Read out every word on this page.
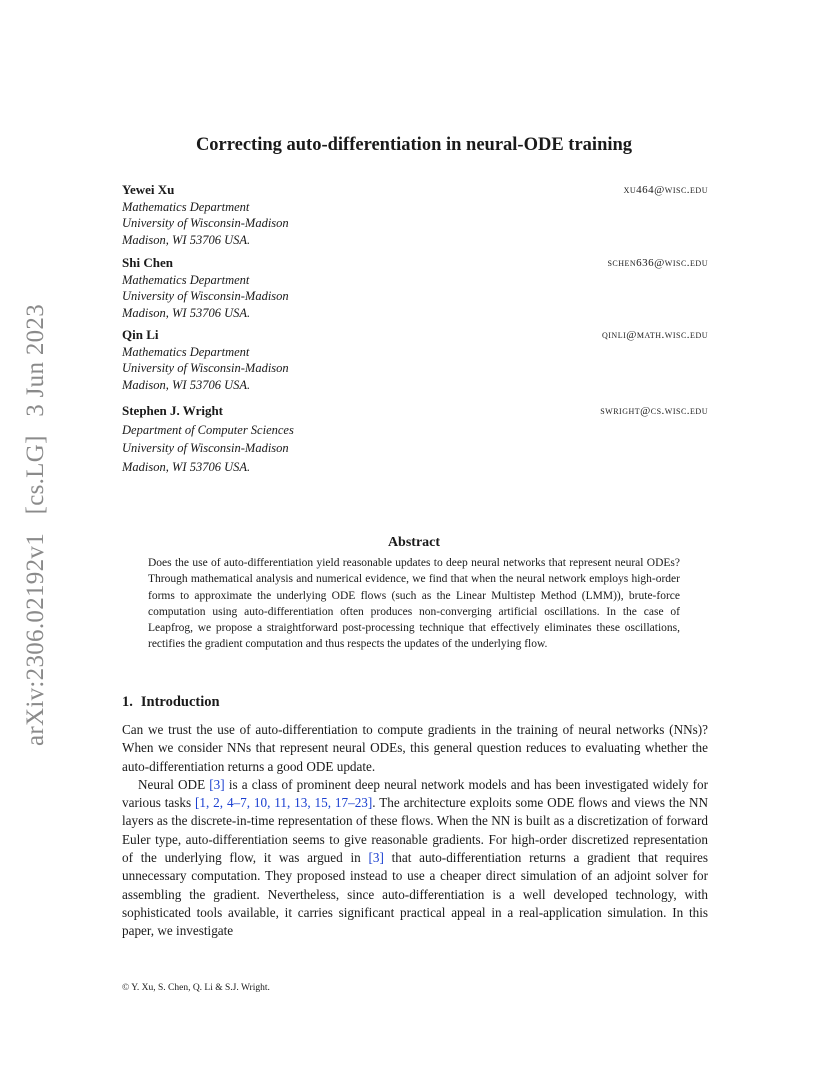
arXiv:2306.02192v1 [cs.LG] 3 Jun 2023
Correcting auto-differentiation in neural-ODE training
Yewei Xu	xu464@wisc.edu
Mathematics Department
University of Wisconsin-Madison
Madison, WI 53706 USA.
Shi Chen	schen636@wisc.edu
Mathematics Department
University of Wisconsin-Madison
Madison, WI 53706 USA.
Qin Li	qinli@math.wisc.edu
Mathematics Department
University of Wisconsin-Madison
Madison, WI 53706 USA.
Stephen J. Wright	swright@cs.wisc.edu
Department of Computer Sciences
University of Wisconsin-Madison
Madison, WI 53706 USA.
Abstract
Does the use of auto-differentiation yield reasonable updates to deep neural networks that represent neural ODEs? Through mathematical analysis and numerical evidence, we find that when the neural network employs high-order forms to approximate the underlying ODE flows (such as the Linear Multistep Method (LMM)), brute-force computation using auto-differentiation often produces non-converging artificial oscillations. In the case of Leapfrog, we propose a straightforward post-processing technique that effectively eliminates these oscillations, rectifies the gradient computation and thus respects the updates of the underlying flow.
1. Introduction

Can we trust the use of auto-differentiation to compute gradients in the training of neural networks (NNs)? When we consider NNs that represent neural ODEs, this general question reduces to evaluating whether the auto-differentiation returns a good ODE update.

Neural ODE [3] is a class of prominent deep neural network models and has been investigated widely for various tasks [1, 2, 4–7, 10, 11, 13, 15, 17–23]. The architecture exploits some ODE flows and views the NN layers as the discrete-in-time representation of these flows. When the NN is built as a discretization of forward Euler type, auto-differentiation seems to give reasonable gradients. For high-order discretized representation of the underlying flow, it was argued in [3] that auto-differentiation returns a gradient that requires unnecessary computation. They proposed instead to use a cheaper direct simulation of an adjoint solver for assembling the gradient. Nevertheless, since auto-differentiation is a well developed technology, with sophisticated tools available, it carries significant practical appeal in a real-application simulation. In this paper, we investigate

© Y. Xu, S. Chen, Q. Li & S.J. Wright.
